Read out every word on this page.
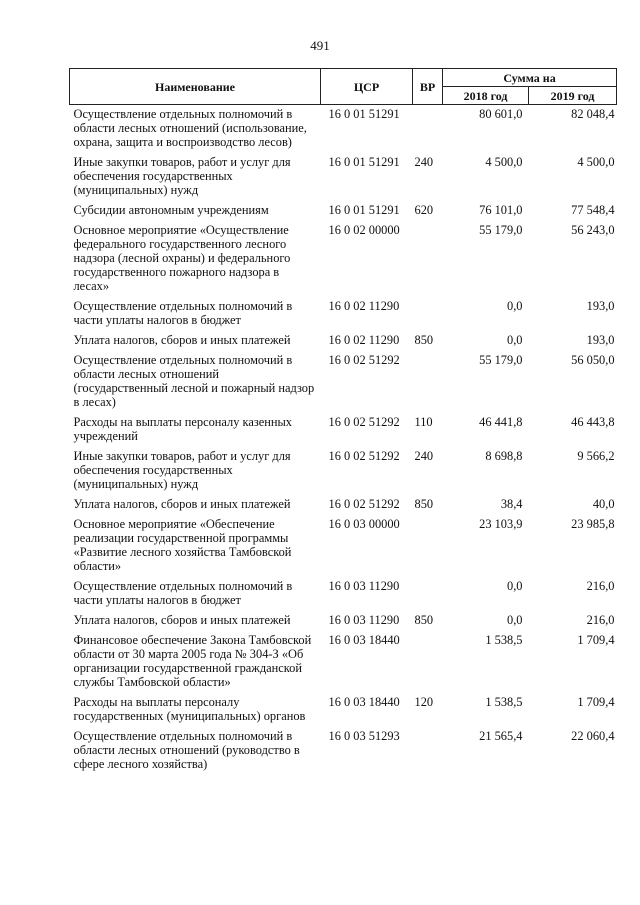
491
Наименование	ЦСР	ВР	Сумма на	
			2018 год	2019 год
Осуществление отдельных полномочий в области лесных отношений (использование, охрана, защита и воспроизводство лесов)	16 0 01 51291		80 601,0	82 048,4
Иные закупки товаров, работ и услуг для обеспечения государственных (муниципальных) нужд	16 0 01 51291	240	4 500,0	4 500,0
Субсидии автономным учреждениям	16 0 01 51291	620	76 101,0	77 548,4
Основное мероприятие «Осуществление федерального государственного лесного надзора (лесной охраны) и федерального государственного пожарного надзора в лесах»	16 0 02 00000		55 179,0	56 243,0
Осуществление отдельных полномочий в части уплаты налогов в бюджет	16 0 02 11290		0,0	193,0
Уплата налогов, сборов и иных платежей	16 0 02 11290	850	0,0	193,0
Осуществление отдельных полномочий в области лесных отношений (государственный лесной и пожарный надзор в лесах)	16 0 02 51292		55 179,0	56 050,0
Расходы на выплаты персоналу казенных учреждений	16 0 02 51292	110	46 441,8	46 443,8
Иные закупки товаров, работ и услуг для обеспечения государственных (муниципальных) нужд	16 0 02 51292	240	8 698,8	9 566,2
Уплата налогов, сборов и иных платежей	16 0 02 51292	850	38,4	40,0
Основное мероприятие «Обеспечение реализации государственной программы «Развитие лесного хозяйства Тамбовской области»	16 0 03 00000		23 103,9	23 985,8
Осуществление отдельных полномочий в части уплаты налогов в бюджет	16 0 03 11290		0,0	216,0
Уплата налогов, сборов и иных платежей	16 0 03 11290	850	0,0	216,0
Финансовое обеспечение Закона Тамбовской области от 30 марта 2005 года № 304-З «Об организации государственной гражданской службы Тамбовской области»	16 0 03 18440		1 538,5	1 709,4
Расходы на выплаты персоналу государственных (муниципальных) органов	16 0 03 18440	120	1 538,5	1 709,4
Осуществление отдельных полномочий в области лесных отношений (руководство в сфере лесного хозяйства)	16 0 03 51293		21 565,4	22 060,4
